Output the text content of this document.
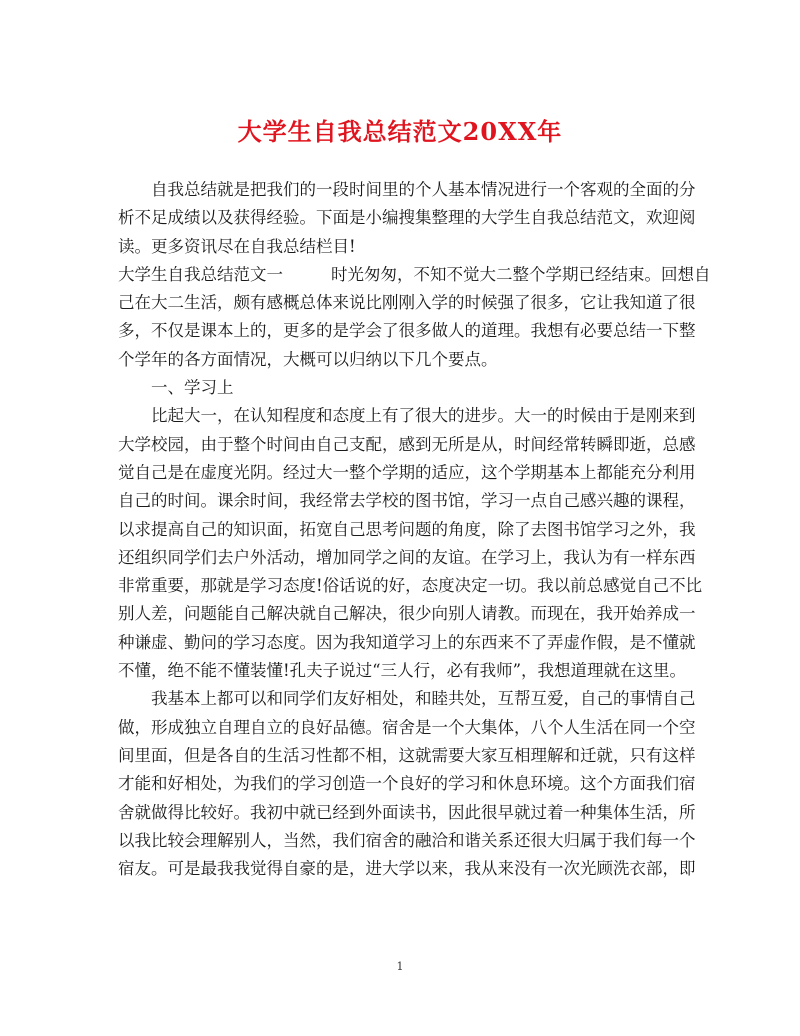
大学生自我总结范文20XX年
自我总结就是把我们的一段时间里的个人基本情况进行一个客观的全面的分
析不足成绩以及获得经验。下面是小编搜集整理的大学生自我总结范文，欢迎阅
读。更多资讯尽在自我总结栏目!
大学生自我总结范文一	时光匆匆，不知不觉大二整个学期已经结束。回想自
己在大二生活，颇有感概总体来说比刚刚入学的时候强了很多，它让我知道了很
多，不仅是课本上的，更多的是学会了很多做人的道理。我想有必要总结一下整
个学年的各方面情况，大概可以归纳以下几个要点。
一、学习上
比起大一，在认知程度和态度上有了很大的进步。大一的时候由于是刚来到
大学校园，由于整个时间由自己支配，感到无所是从，时间经常转瞬即逝，总感
觉自己是在虚度光阴。经过大一整个学期的适应，这个学期基本上都能充分利用
自己的时间。课余时间，我经常去学校的图书馆，学习一点自己感兴趣的课程，
以求提高自己的知识面，拓宽自己思考问题的角度，除了去图书馆学习之外，我
还组织同学们去户外活动，增加同学之间的友谊。在学习上，我认为有一样东西
非常重要，那就是学习态度!俗话说的好，态度决定一切。我以前总感觉自己不比
别人差，问题能自己解决就自己解决，很少向别人请教。而现在，我开始养成一
种谦虚、勤问的学习态度。因为我知道学习上的东西来不了弄虚作假，是不懂就
不懂，绝不能不懂装懂!孔夫子说过“三人行，必有我师”，我想道理就在这里。
我基本上都可以和同学们友好相处，和睦共处，互帮互爱，自己的事情自己
做，形成独立自理自立的良好品德。宿舍是一个大集体，八个人生活在同一个空
间里面，但是各自的生活习性都不相，这就需要大家互相理解和迁就，只有这样
才能和好相处，为我们的学习创造一个良好的学习和休息环境。这个方面我们宿
舍就做得比较好。我初中就已经到外面读书，因此很早就过着一种集体生活，所
以我比较会理解别人，当然，我们宿舍的融洽和谐关系还很大归属于我们每一个
宿友。可是最我我觉得自豪的是，进大学以来，我从来没有一次光顾洗衣部，即
1
